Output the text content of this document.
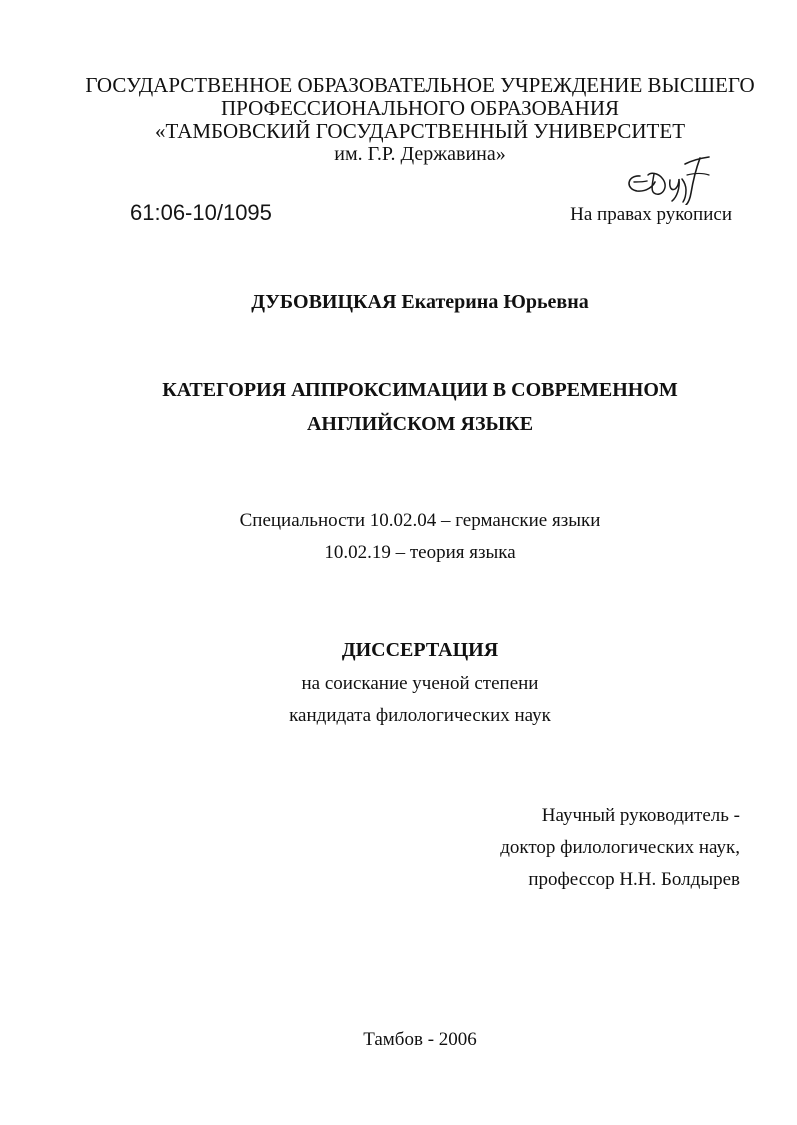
ГОСУДАРСТВЕННОЕ ОБРАЗОВАТЕЛЬНОЕ УЧРЕЖДЕНИЕ ВЫСШЕГО
ПРОФЕССИОНАЛЬНОГО ОБРАЗОВАНИЯ
«ТАМБОВСКИЙ ГОСУДАРСТВЕННЫЙ УНИВЕРСИТЕТ
им. Г.Р. Державина»
61:06-10/1095	На правах рукописи
ДУБОВИЦКАЯ Екатерина Юрьевна
КАТЕГОРИЯ АППРОКСИМАЦИИ В СОВРЕМЕННОМ
АНГЛИЙСКОМ ЯЗЫКЕ
Специальности 10.02.04 – германские языки
10.02.19 – теория языка
ДИССЕРТАЦИЯ
на соискание ученой степени
кандидата филологических наук
Научный руководитель -
доктор филологических наук,
профессор Н.Н. Болдырев
Тамбов - 2006
